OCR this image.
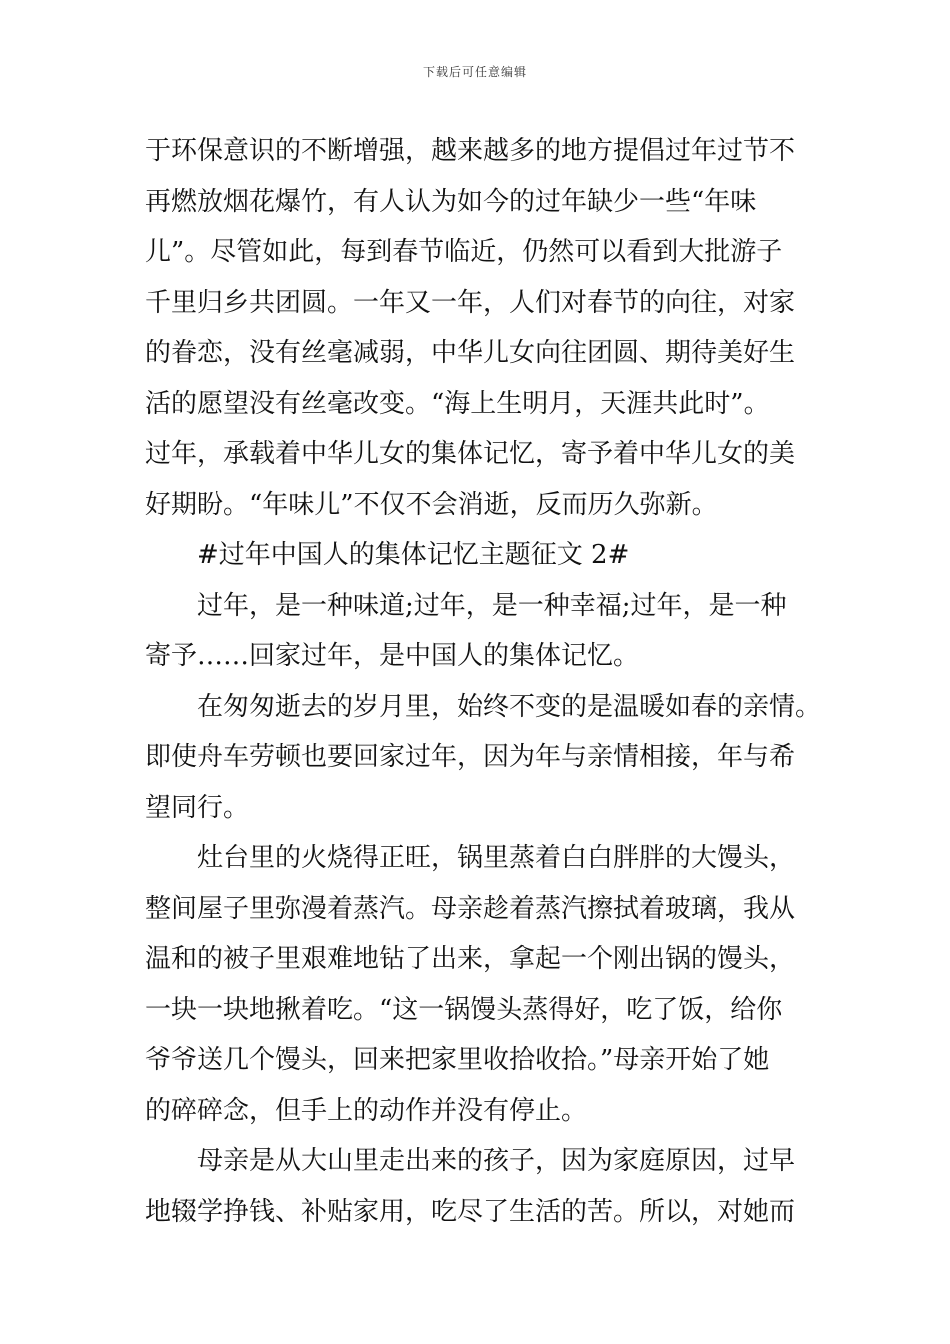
下载后可任意编辑

于环保意识的不断增强，越来越多的地方提倡过年过节不
再燃放烟花爆竹，有人认为如今的过年缺少一些“年味
儿”。尽管如此，每到春节临近，仍然可以看到大批游子
千里归乡共团圆。一年又一年，人们对春节的向往，对家
的眷恋，没有丝毫减弱，中华儿女向往团圆、期待美好生
活的愿望没有丝毫改变。“海上生明月，天涯共此时”。
过年，承载着中华儿女的集体记忆，寄予着中华儿女的美
好期盼。“年味儿”不仅不会消逝，反而历久弥新。

#过年中国人的集体记忆主题征文 2#

过年，是一种味道;过年，是一种幸福;过年，是一种
寄予……回家过年，是中国人的集体记忆。

在匆匆逝去的岁月里，始终不变的是温暖如春的亲情。
即使舟车劳顿也要回家过年，因为年与亲情相接，年与希
望同行。

灶台里的火烧得正旺，锅里蒸着白白胖胖的大馒头，
整间屋子里弥漫着蒸汽。母亲趁着蒸汽擦拭着玻璃，我从
温和的被子里艰难地钻了出来，拿起一个刚出锅的馒头，
一块一块地揪着吃。“这一锅馒头蒸得好，吃了饭，给你
爷爷送几个馒头，回来把家里收拾收拾。”母亲开始了她
的碎碎念，但手上的动作并没有停止。

母亲是从大山里走出来的孩子，因为家庭原因，过早
地辍学挣钱、补贴家用，吃尽了生活的苦。所以，对她而
